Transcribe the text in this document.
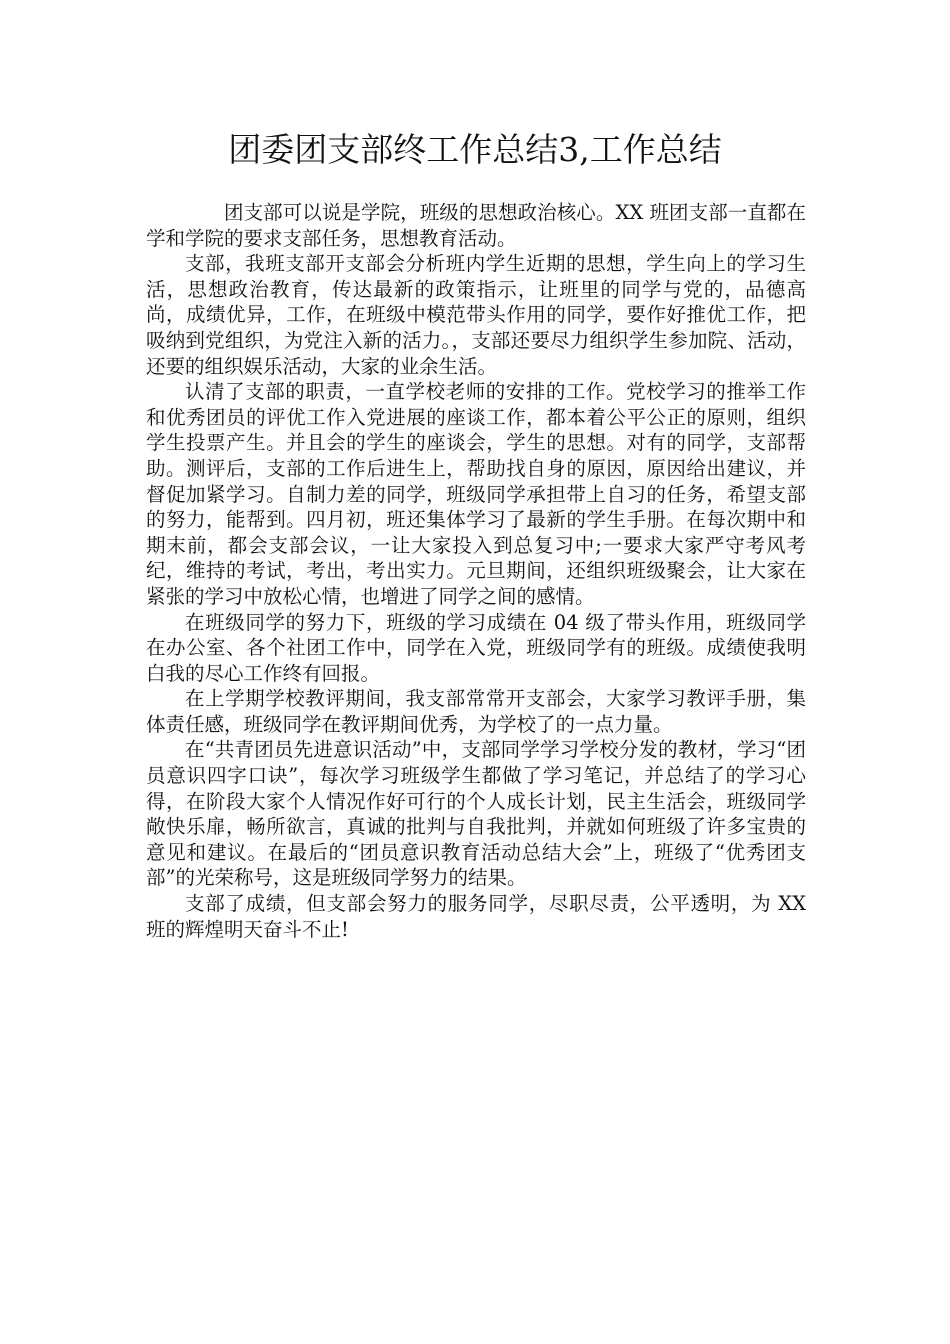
团委团支部终工作总结3,工作总结

团支部可以说是学院，班级的思想政治核心。XX 班团支部一直都在学和学院的要求支部任务，思想教育活动。

支部，我班支部开支部会分析班内学生近期的思想，学生向上的学习生活，思想政治教育，传达最新的政策指示，让班里的同学与党的，品德高尚，成绩优异，工作，在班级中模范带头作用的同学，要作好推优工作，把吸纳到党组织，为党注入新的活力。，支部还要尽力组织学生参加院、活动，还要的组织娱乐活动，大家的业余生活。

认清了支部的职责，一直学校老师的安排的工作。党校学习的推举工作和优秀团员的评优工作入党进展的座谈工作，都本着公平公正的原则，组织学生投票产生。并且会的学生的座谈会，学生的思想。对有的同学，支部帮助。测评后，支部的工作后进生上，帮助找自身的原因，原因给出建议，并督促加紧学习。自制力差的同学，班级同学承担带上自习的任务，希望支部的努力，能帮到。四月初，班还集体学习了最新的学生手册。在每次期中和期末前，都会支部会议，一让大家投入到总复习中;一要求大家严守考风考纪，维持的考试，考出，考出实力。元旦期间，还组织班级聚会，让大家在紧张的学习中放松心情，也增进了同学之间的感情。

在班级同学的努力下，班级的学习成绩在 04 级了带头作用，班级同学在办公室、各个社团工作中，同学在入党，班级同学有的班级。成绩使我明白我的尽心工作终有回报。

在上学期学校教评期间，我支部常常开支部会，大家学习教评手册，集体责任感，班级同学在教评期间优秀，为学校了的一点力量。

在“共青团员先进意识活动”中，支部同学学习学校分发的教材，学习“团员意识四字口诀”，每次学习班级学生都做了学习笔记，并总结了的学习心得，在阶段大家个人情况作好可行的个人成长计划，民主生活会，班级同学敞快乐扉，畅所欲言，真诚的批判与自我批判，并就如何班级了许多宝贵的意见和建议。在最后的“团员意识教育活动总结大会”上，班级了“优秀团支部”的光荣称号，这是班级同学努力的结果。

支部了成绩，但支部会努力的服务同学，尽职尽责，公平透明，为 XX 班的辉煌明天奋斗不止!
